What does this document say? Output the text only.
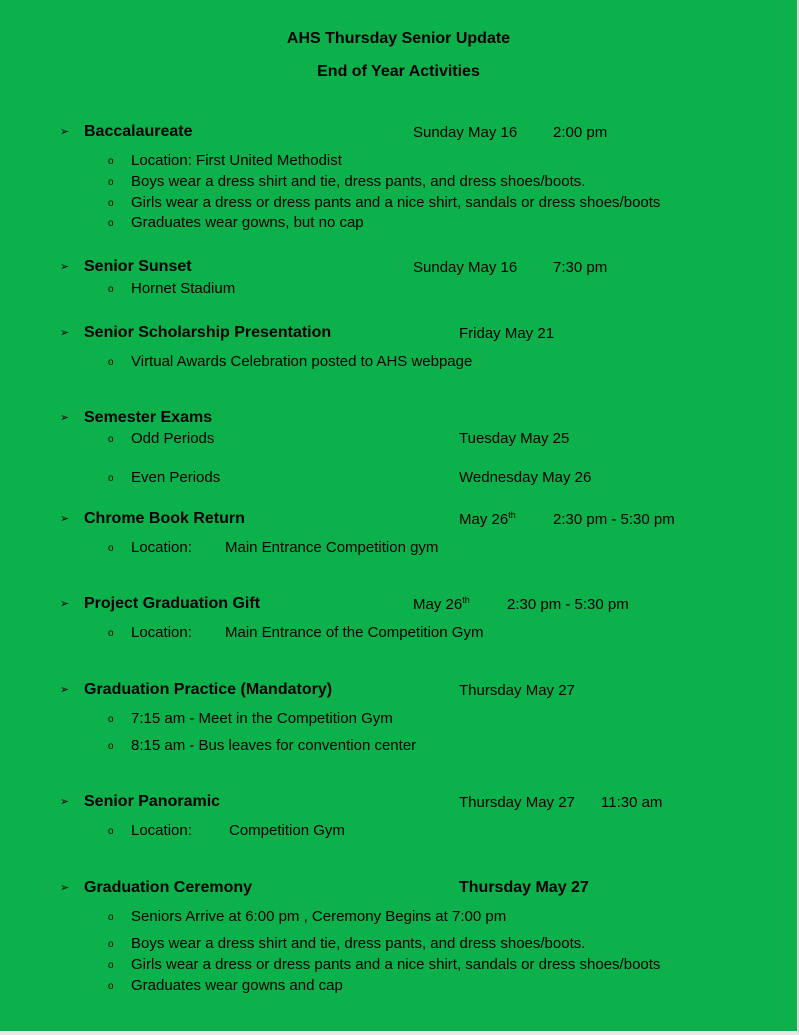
AHS Thursday Senior Update
End of Year Activities
➢ Baccalaureate	Sunday May 16 2:00 pm
o Location: First United Methodist
o Boys wear a dress shirt and tie, dress pants, and dress shoes/boots.
o Girls wear a dress or dress pants and a nice shirt, sandals or dress shoes/boots
o Graduates wear gowns, but no cap
➢ Senior Sunset	Sunday May 16 7:30 pm
o Hornet Stadium
➢ Senior Scholarship Presentation	Friday May 21
o Virtual Awards Celebration posted to AHS webpage
➢ Semester Exams
o Odd Periods	Tuesday May 25
o Even Periods	Wednesday May 26
➢ Chrome Book Return	May 26th 2:30 pm - 5:30 pm
o Location: Main Entrance Competition gym
➢ Project Graduation Gift	May 26th 2:30 pm - 5:30 pm
o Location: Main Entrance of the Competition Gym
➢ Graduation Practice (Mandatory)	Thursday May 27
o 7:15 am - Meet in the Competition Gym
o 8:15 am - Bus leaves for convention center
➢ Senior Panoramic	Thursday May 27 11:30 am
o Location: Competition Gym
➢ Graduation Ceremony	Thursday May 27
o Seniors Arrive at 6:00 pm , Ceremony Begins at 7:00 pm
o Boys wear a dress shirt and tie, dress pants, and dress shoes/boots.
o Girls wear a dress or dress pants and a nice shirt, sandals or dress shoes/boots
o Graduates wear gowns and cap
